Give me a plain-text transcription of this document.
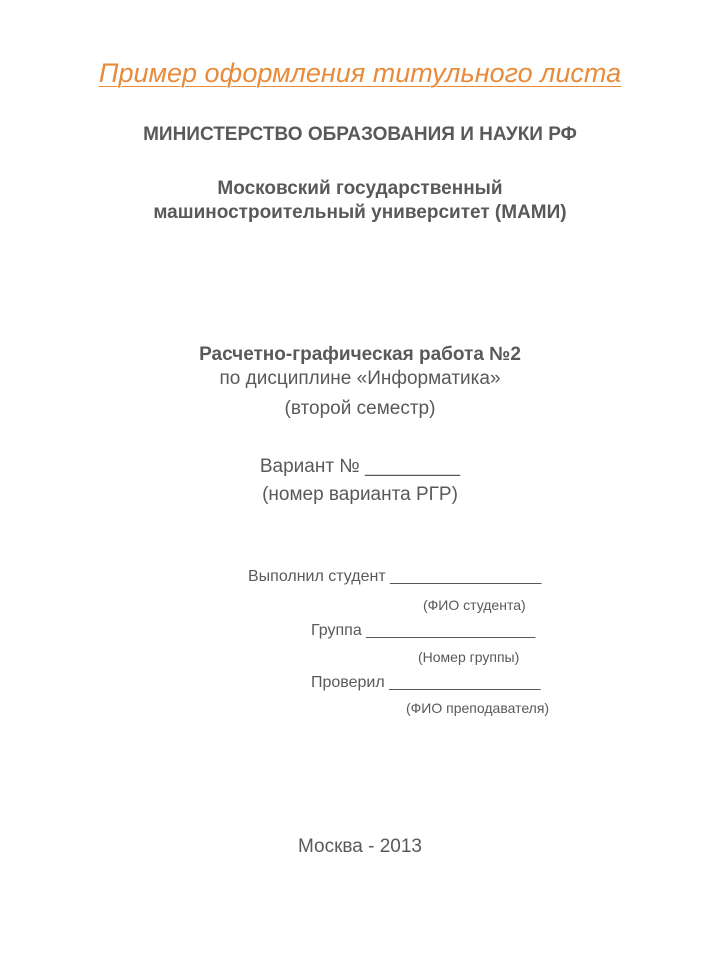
Пример оформления титульного листа
МИНИСТЕРСТВО ОБРАЗОВАНИЯ И НАУКИ РФ
Московский государственный
машиностроительный университет (МАМИ)
Расчетно-графическая работа №2
по дисциплине «Информатика»
(второй семестр)
Вариант № _________
(номер варианта РГР)
Выполнил студент _________________
(ФИО студента)
Группа ___________________
(Номер группы)
Проверил _________________
(ФИО преподавателя)
Москва - 2013
